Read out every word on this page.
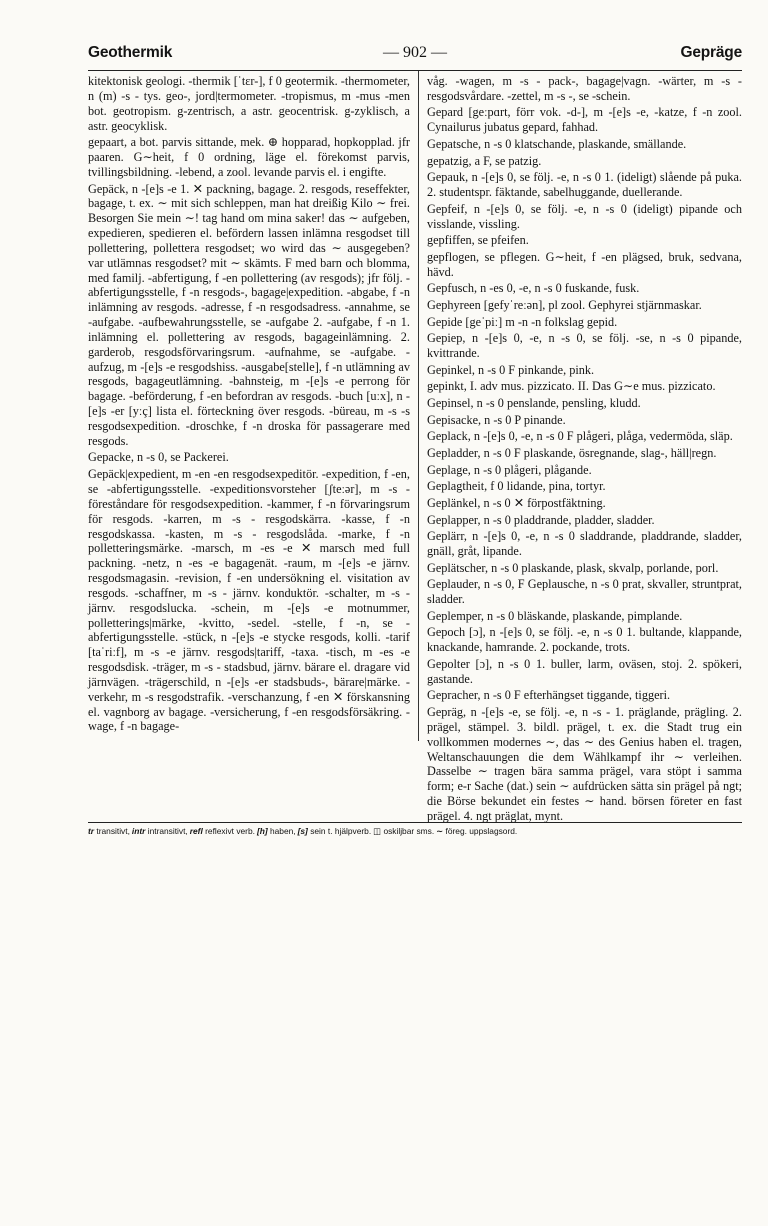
Geothermik	— 902 —	Gepräge

kitektonisk geologi. -thermik [ˈtɛr-], f 0 geotermik. -thermometer, n (m) -s - tys. geo-, jord|termometer. -tropismus, m -mus -men bot. geotropism. g-zentrisch, a astr. geocentrisk. g-zyklisch, a astr. geocyklisk.

gepaart, a bot. parvis sittande, mek. ⊕ hopparad, hopkopplad. jfr paaren. G∼heit, f 0 ordning, läge el. förekomst parvis, tvillingsbildning. -lebend, a zool. levande parvis el. i engifte.

Gepäck, n -[e]s -e 1. ✕ packning, bagage. 2. resgods, reseffekter, bagage, t. ex. ∼ mit sich schleppen, man hat dreißig Kilo ∼ frei. Besorgen Sie mein ∼! tag hand om mina saker! das ∼ aufgeben, expedieren, spedieren el. befördern lassen inlämna resgodset till pollettering, pollettera resgodset; wo wird das ∼ ausgegeben? var utlämnas resgodset? mit ∼ skämts. F med barn och blomma, med familj. -abfertigung, f -en pollettering (av resgods); jfr följ. -abfertigungsstelle, f -n resgods-, bagage|expedition. -abgabe, f -n inlämning av resgods. -adresse, f -n resgodsadress. -annahme, se -aufgabe. -aufbewahrungsstelle, se -aufgabe 2. -aufgabe, f -n 1. inlämning el. pollettering av resgods, bagageinlämning. 2. garderob, resgodsförvaringsrum. -aufnahme, se -aufgabe. -aufzug, m -[e]s -e resgodshiss. -ausgabe[stelle], f -n utlämning av resgods, bagageutlämning. -bahnsteig, m -[e]s -e perrong för bagage. -beförderung, f -en befordran av resgods. -buch [uːx], n -[e]s -er [yːç] lista el. förteckning över resgods. -büreau, m -s -s resgodsexpedition. -droschke, f -n droska för passagerare med resgods.

Gepacke, n -s 0, se Packerei.

Gepäck|expedient, m -en -en resgodsexpeditör. -expedition, f -en, se -abfertigungsstelle. -expeditionsvorsteher [ʃteːər], m -s - föreståndare för resgodsexpedition. -kammer, f -n förvaringsrum för resgods. -karren, m -s - resgodskärra. -kasse, f -n resgodskassa. -kasten, m -s - resgodslåda. -marke, f -n polletteringsmärke. -marsch, m -es -e ✕ marsch med full packning. -netz, n -es -e bagagenät. -raum, m -[e]s -e järnv. resgodsmagasin. -revision, f -en undersökning el. visitation av resgods. -schaffner, m -s - järnv. konduktör. -schalter, m -s - järnv. resgodslucka. -schein, m -[e]s -e motnummer, polletterings|märke, -kvitto, -sedel. -stelle, f -n, se -abfertigungsstelle. -stück, n -[e]s -e stycke resgods, kolli. -tarif [taˈriːf], m -s -e järnv. resgods|tariff, -taxa. -tisch, m -es -e resgodsdisk. -träger, m -s - stadsbud, järnv. bärare el. dragare vid järnvägen. -trägerschild, n -[e]s -er stadsbuds-, bärare|märke. -verkehr, m -s resgodstrafik. -verschanzung, f -en ✕ förskansning el. vagnborg av bagage. -versicherung, f -en resgodsförsäkring. -wage, f -n bagage-

våg. -wagen, m -s - pack-, bagage|vagn. -wärter, m -s - resgodsvårdare. -zettel, m -s -, se -schein.

Gepard [geːpɑrt, förr vok. -d-], m -[e]s -e, -katze, f -n zool. Cynailurus jubatus gepard, fahhad.

Gepatsche, n -s 0 klatschande, plaskande, smällande.

gepatzig, a F, se patzig.

Gepauk, n -[e]s 0, se följ. -e, n -s 0 1. (ideligt) slående på puka. 2. studentspr. fäktande, sabelhuggande, duellerande.

Gepfeif, n -[e]s 0, se följ. -e, n -s 0 (ideligt) pipande och visslande, vissling.

gepfiffen, se pfeifen.

gepflogen, se pflegen. G∼heit, f -en plägsed, bruk, sedvana, hävd.

Gepfusch, n -es 0, -e, n -s 0 fuskande, fusk.

Gephyreen [gefyˈreːən], pl zool. Gephyrei stjärnmaskar.

Gepide [geˈpiː] m -n -n folkslag gepid.

Gepiep, n -[e]s 0, -e, n -s 0, se följ. -se, n -s 0 pipande, kvittrande.

Gepinkel, n -s 0 F pinkande, pink.

gepinkt, I. adv mus. pizzicato. II. Das G∼e mus. pizzicato.

Gepinsel, n -s 0 penslande, pensling, kludd.

Gepisacke, n -s 0 P pinande.

Geplack, n -[e]s 0, -e, n -s 0 F plågeri, plåga, vedermöda, släp.

Gepladder, n -s 0 F plaskande, ösregnande, slag-, häll|regn.

Geplage, n -s 0 plågeri, plågande.

Geplagtheit, f 0 lidande, pina, tortyr.

Geplänkel, n -s 0 ✕ förpostfäktning.

Geplapper, n -s 0 pladdrande, pladder, sladder.

Geplärr, n -[e]s 0, -e, n -s 0 sladdrande, pladdrande, sladder, gnäll, gråt, lipande.

Geplätscher, n -s 0 plaskande, plask, skvalp, porlande, porl.

Geplauder, n -s 0, F Geplausche, n -s 0 prat, skvaller, struntprat, sladder.

Geplemper, n -s 0 bläskande, plaskande, pimplande.

Gepoch [ɔ], n -[e]s 0, se följ. -e, n -s 0 1. bultande, klappande, knackande, hamrande. 2. pockande, trots.

Gepolter [ɔ], n -s 0 1. buller, larm, oväsen, stoj. 2. spökeri, gastande.

Gepracher, n -s 0 F efterhängset tiggande, tiggeri.

Gepräg, n -[e]s -e, se följ. -e, n -s - 1. präglande, prägling. 2. prägel, stämpel. 3. bildl. prägel, t. ex. die Stadt trug ein vollkommen modernes ∼, das ∼ des Genius haben el. tragen, Weltanschauungen die dem Wählkampf ihr ∼ verleihen. Dasselbe ∼ tragen bära samma prägel, vara stöpt i samma form; e-r Sache (dat.) sein ∼ aufdrücken sätta sin prägel på ngt; die Börse bekundet ein festes ∼ hand. börsen företer en fast prägel. 4. ngt präglat, mynt.

tr transitivt, intr intransitivt, refl reflexivt verb. [h] haben, [s] sein t. hjälpverb. ◫ oskiljbar sms. ∼ föreg. uppslagsord.
